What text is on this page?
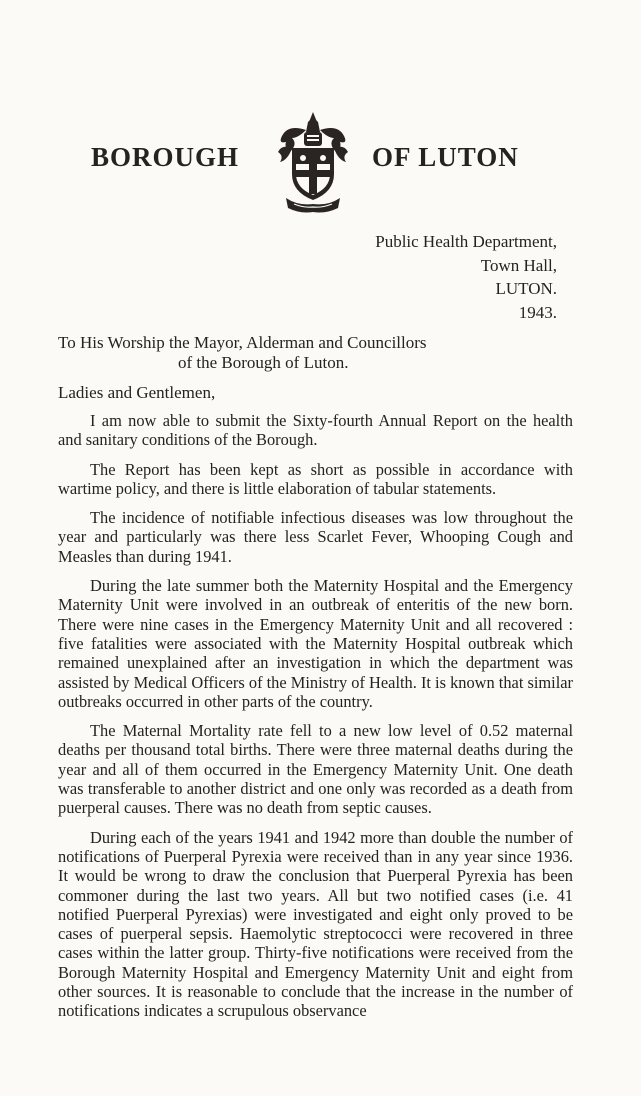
BOROUGH	OF LUTON
Public Health Department,
Town Hall,
LUTON.
1943.
To His Worship the Mayor, Alderman and Councillors
of the Borough of Luton.
Ladies and Gentlemen,

I am now able to submit the Sixty-fourth Annual Report on the health and sanitary conditions of the Borough.

The Report has been kept as short as possible in accordance with wartime policy, and there is little elaboration of tabular statements.

The incidence of notifiable infectious diseases was low throughout the year and particularly was there less Scarlet Fever, Whooping Cough and Measles than during 1941.

During the late summer both the Maternity Hospital and the Emergency Maternity Unit were involved in an outbreak of enteritis of the new born. There were nine cases in the Emergency Maternity Unit and all recovered : five fatalities were associated with the Maternity Hospital outbreak which remained unexplained after an investigation in which the department was assisted by Medical Officers of the Ministry of Health. It is known that similar outbreaks occurred in other parts of the country.

The Maternal Mortality rate fell to a new low level of 0.52 maternal deaths per thousand total births. There were three maternal deaths during the year and all of them occurred in the Emergency Maternity Unit. One death was transferable to another district and one only was recorded as a death from puerperal causes. There was no death from septic causes.

During each of the years 1941 and 1942 more than double the number of notifications of Puerperal Pyrexia were received than in any year since 1936. It would be wrong to draw the conclusion that Puerperal Pyrexia has been commoner during the last two years. All but two notified cases (i.e. 41 notified Puerperal Pyrexias) were investigated and eight only proved to be cases of puerperal sepsis. Haemolytic streptococci were recovered in three cases within the latter group. Thirty-five notifications were received from the Borough Maternity Hospital and Emergency Maternity Unit and eight from other sources. It is reasonable to conclude that the increase in the number of notifications indicates a scrupulous observance
